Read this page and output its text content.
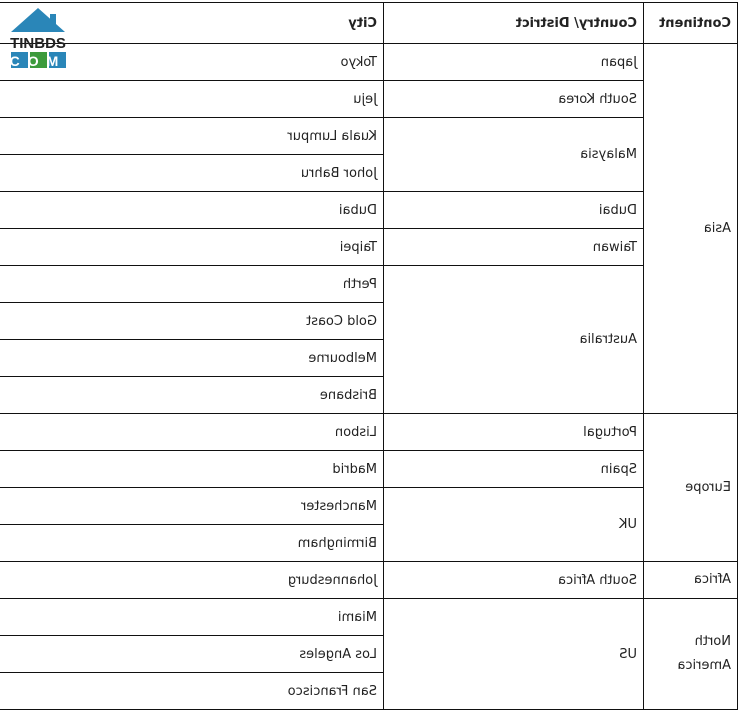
Continent	Country/ District	City
Asia	Japan	Tokyo
	South Korea	Jeju
	Malaysia	Kuala Lumpur
		Johor Bahru
	Dubai	Dubai
	Taiwan	Taipei
	Australia	Perth
		Gold Coast
		Melbourne
		Brisbane
Europe	Portugal	Lisbon
	Spain	Madrid
	UK	Manchester
		Birmingham
Africa	South Africa	Johannesburg
North America	US	Miami
		Los Angeles
		San Francisco
TINBDS
COM
